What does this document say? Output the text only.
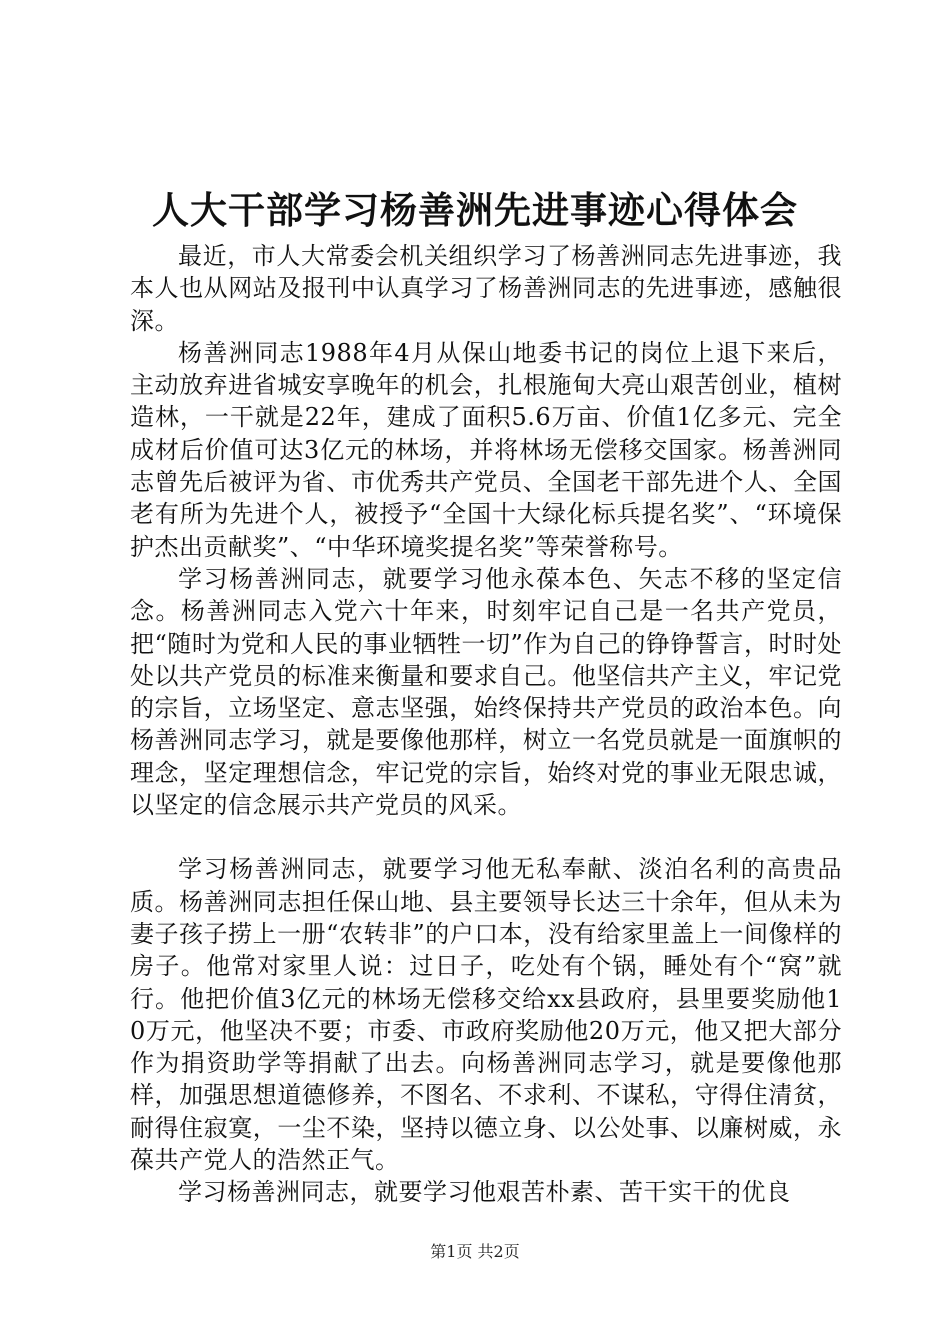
人大干部学习杨善洲先进事迹心得体会

最近，市人大常委会机关组织学习了杨善洲同志先进事迹，我本人也从网站及报刊中认真学习了杨善洲同志的先进事迹，感触很深。

杨善洲同志1988年4月从保山地委书记的岗位上退下来后，主动放弃进省城安享晚年的机会，扎根施甸大亮山艰苦创业，植树造林，一干就是22年，建成了面积5.6万亩、价值1亿多元、完全成材后价值可达3亿元的林场，并将林场无偿移交国家。杨善洲同志曾先后被评为省、市优秀共产党员、全国老干部先进个人、全国老有所为先进个人，被授予“全国十大绿化标兵提名奖”、“环境保护杰出贡献奖”、“中华环境奖提名奖”等荣誉称号。

学习杨善洲同志，就要学习他永葆本色、矢志不移的坚定信念。杨善洲同志入党六十年来，时刻牢记自己是一名共产党员，把“随时为党和人民的事业牺牲一切”作为自己的铮铮誓言，时时处处以共产党员的标准来衡量和要求自己。他坚信共产主义，牢记党的宗旨，立场坚定、意志坚强，始终保持共产党员的政治本色。向杨善洲同志学习，就是要像他那样，树立一名党员就是一面旗帜的理念，坚定理想信念，牢记党的宗旨，始终对党的事业无限忠诚，以坚定的信念展示共产党员的风采。

学习杨善洲同志，就要学习他无私奉献、淡泊名利的高贵品质。杨善洲同志担任保山地、县主要领导长达三十余年，但从未为妻子孩子捞上一册“农转非”的户口本，没有给家里盖上一间像样的房子。他常对家里人说：过日子，吃处有个锅，睡处有个“窝”就行。他把价值3亿元的林场无偿移交给xx县政府，县里要奖励他10万元，他坚决不要；市委、市政府奖励他20万元，他又把大部分作为捐资助学等捐献了出去。向杨善洲同志学习，就是要像他那样，加强思想道德修养，不图名、不求利、不谋私，守得住清贫，耐得住寂寞，一尘不染，坚持以德立身、以公处事、以廉树威，永葆共产党人的浩然正气。

学习杨善洲同志，就要学习他艰苦朴素、苦干实干的优良

第1页 共2页
